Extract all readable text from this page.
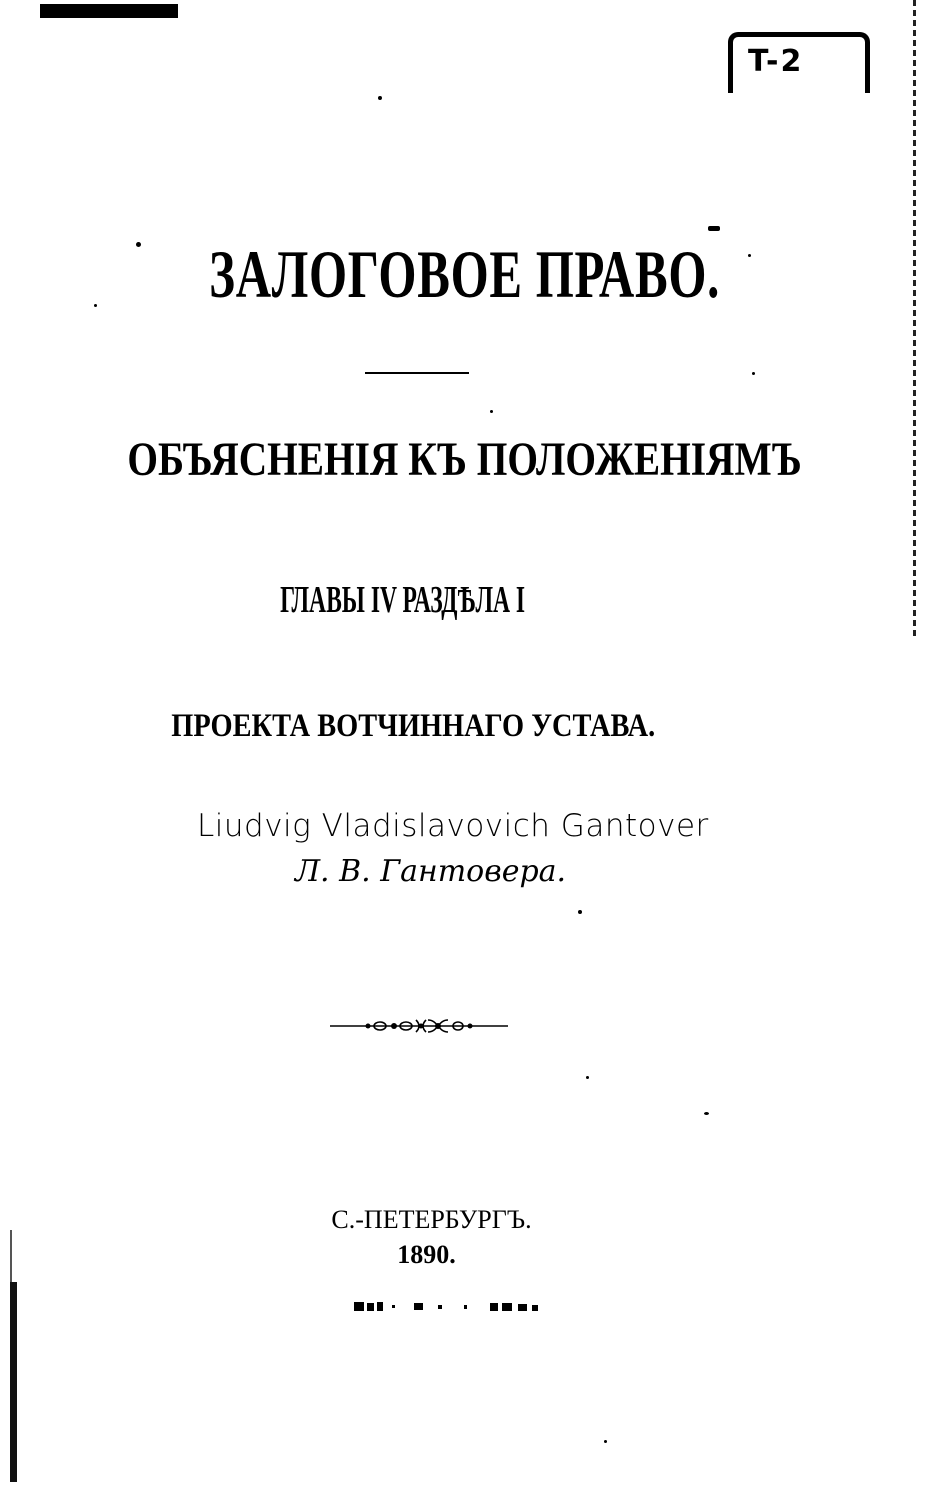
T-2
ЗАЛОГОВОЕ ПРАВО.
ОБЪЯСНЕНІЯ КЪ ПОЛОЖЕНІЯМЪ
ГЛАВЫ IV РАЗДѢЛА I
ПРОЕКТА ВОТЧИННАГО УСТАВА.
Liudvig Vladislavovich Gantover
Л. В. Гантовера.
С.-ПЕТЕРБУРГЪ.
1890.
